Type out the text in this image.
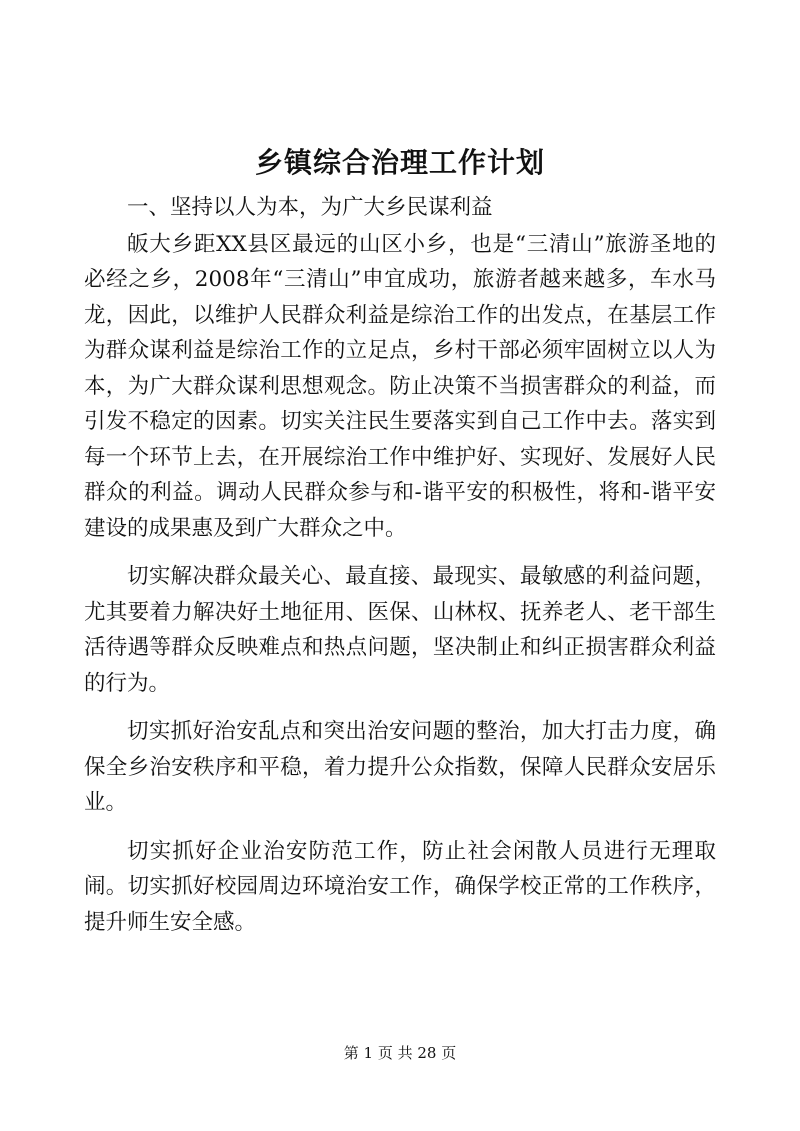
乡镇综合治理工作计划

一、坚持以人为本，为广大乡民谋利益

皈大乡距XX县区最远的山区小乡，也是“三清山”旅游圣地的必经之乡，2008年“三清山”申宜成功，旅游者越来越多，车水马龙，因此，以维护人民群众利益是综治工作的出发点，在基层工作为群众谋利益是综治工作的立足点，乡村干部必须牢固树立以人为本，为广大群众谋利思想观念。防止决策不当损害群众的利益，而引发不稳定的因素。切实关注民生要落实到自己工作中去。落实到每一个环节上去，在开展综治工作中维护好、实现好、发展好人民群众的利益。调动人民群众参与和-谐平安的积极性，将和-谐平安建设的成果惠及到广大群众之中。

切实解决群众最关心、最直接、最现实、最敏感的利益问题，尤其要着力解决好土地征用、医保、山林权、抚养老人、老干部生活待遇等群众反映难点和热点问题，坚决制止和纠正损害群众利益的行为。

切实抓好治安乱点和突出治安问题的整治，加大打击力度，确保全乡治安秩序和平稳，着力提升公众指数，保障人民群众安居乐业。

切实抓好企业治安防范工作，防止社会闲散人员进行无理取闹。切实抓好校园周边环境治安工作，确保学校正常的工作秩序，提升师生安全感。

第 1 页 共 28 页
